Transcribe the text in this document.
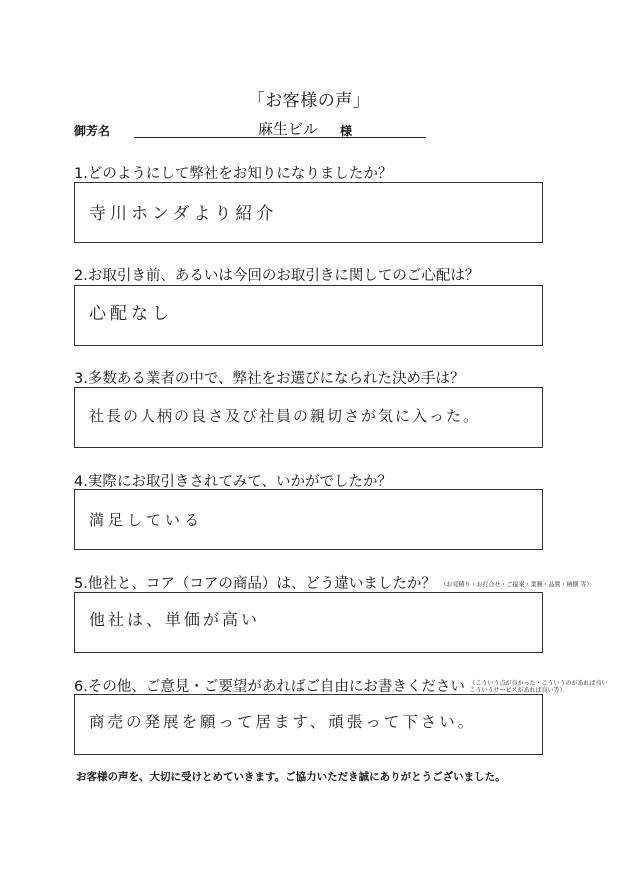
「お客様の声」
御芳名	麻生ビル 様
1.どのようにして弊社をお知りになりましたか？
寺川ホンダより紹介
2.お取引き前、あるいは今回のお取引きに関してのご心配は？
心配なし
3.多数ある業者の中で、弊社をお選びになられた決め手は？
社長の人柄の良さ及び社員の親切さが気に入った。
4.実際にお取引きされてみて、いかがでしたか？
満足している
5.他社と、コア（コアの商品）は、どう違いましたか？ （お見積り・お打合せ・ご提案・業務・品質・納期 等）
他社は、単価が高い
6.その他、ご意見・ご要望があればご自由にお書きください （こういう点が良かった・こういうのがあれば良い
こういうサービスがあれば良い等）
商売の発展を願って居ます、頑張って下さい。
お客様の声を、大切に受けとめていきます。ご協力いただき誠にありがとうございました。
